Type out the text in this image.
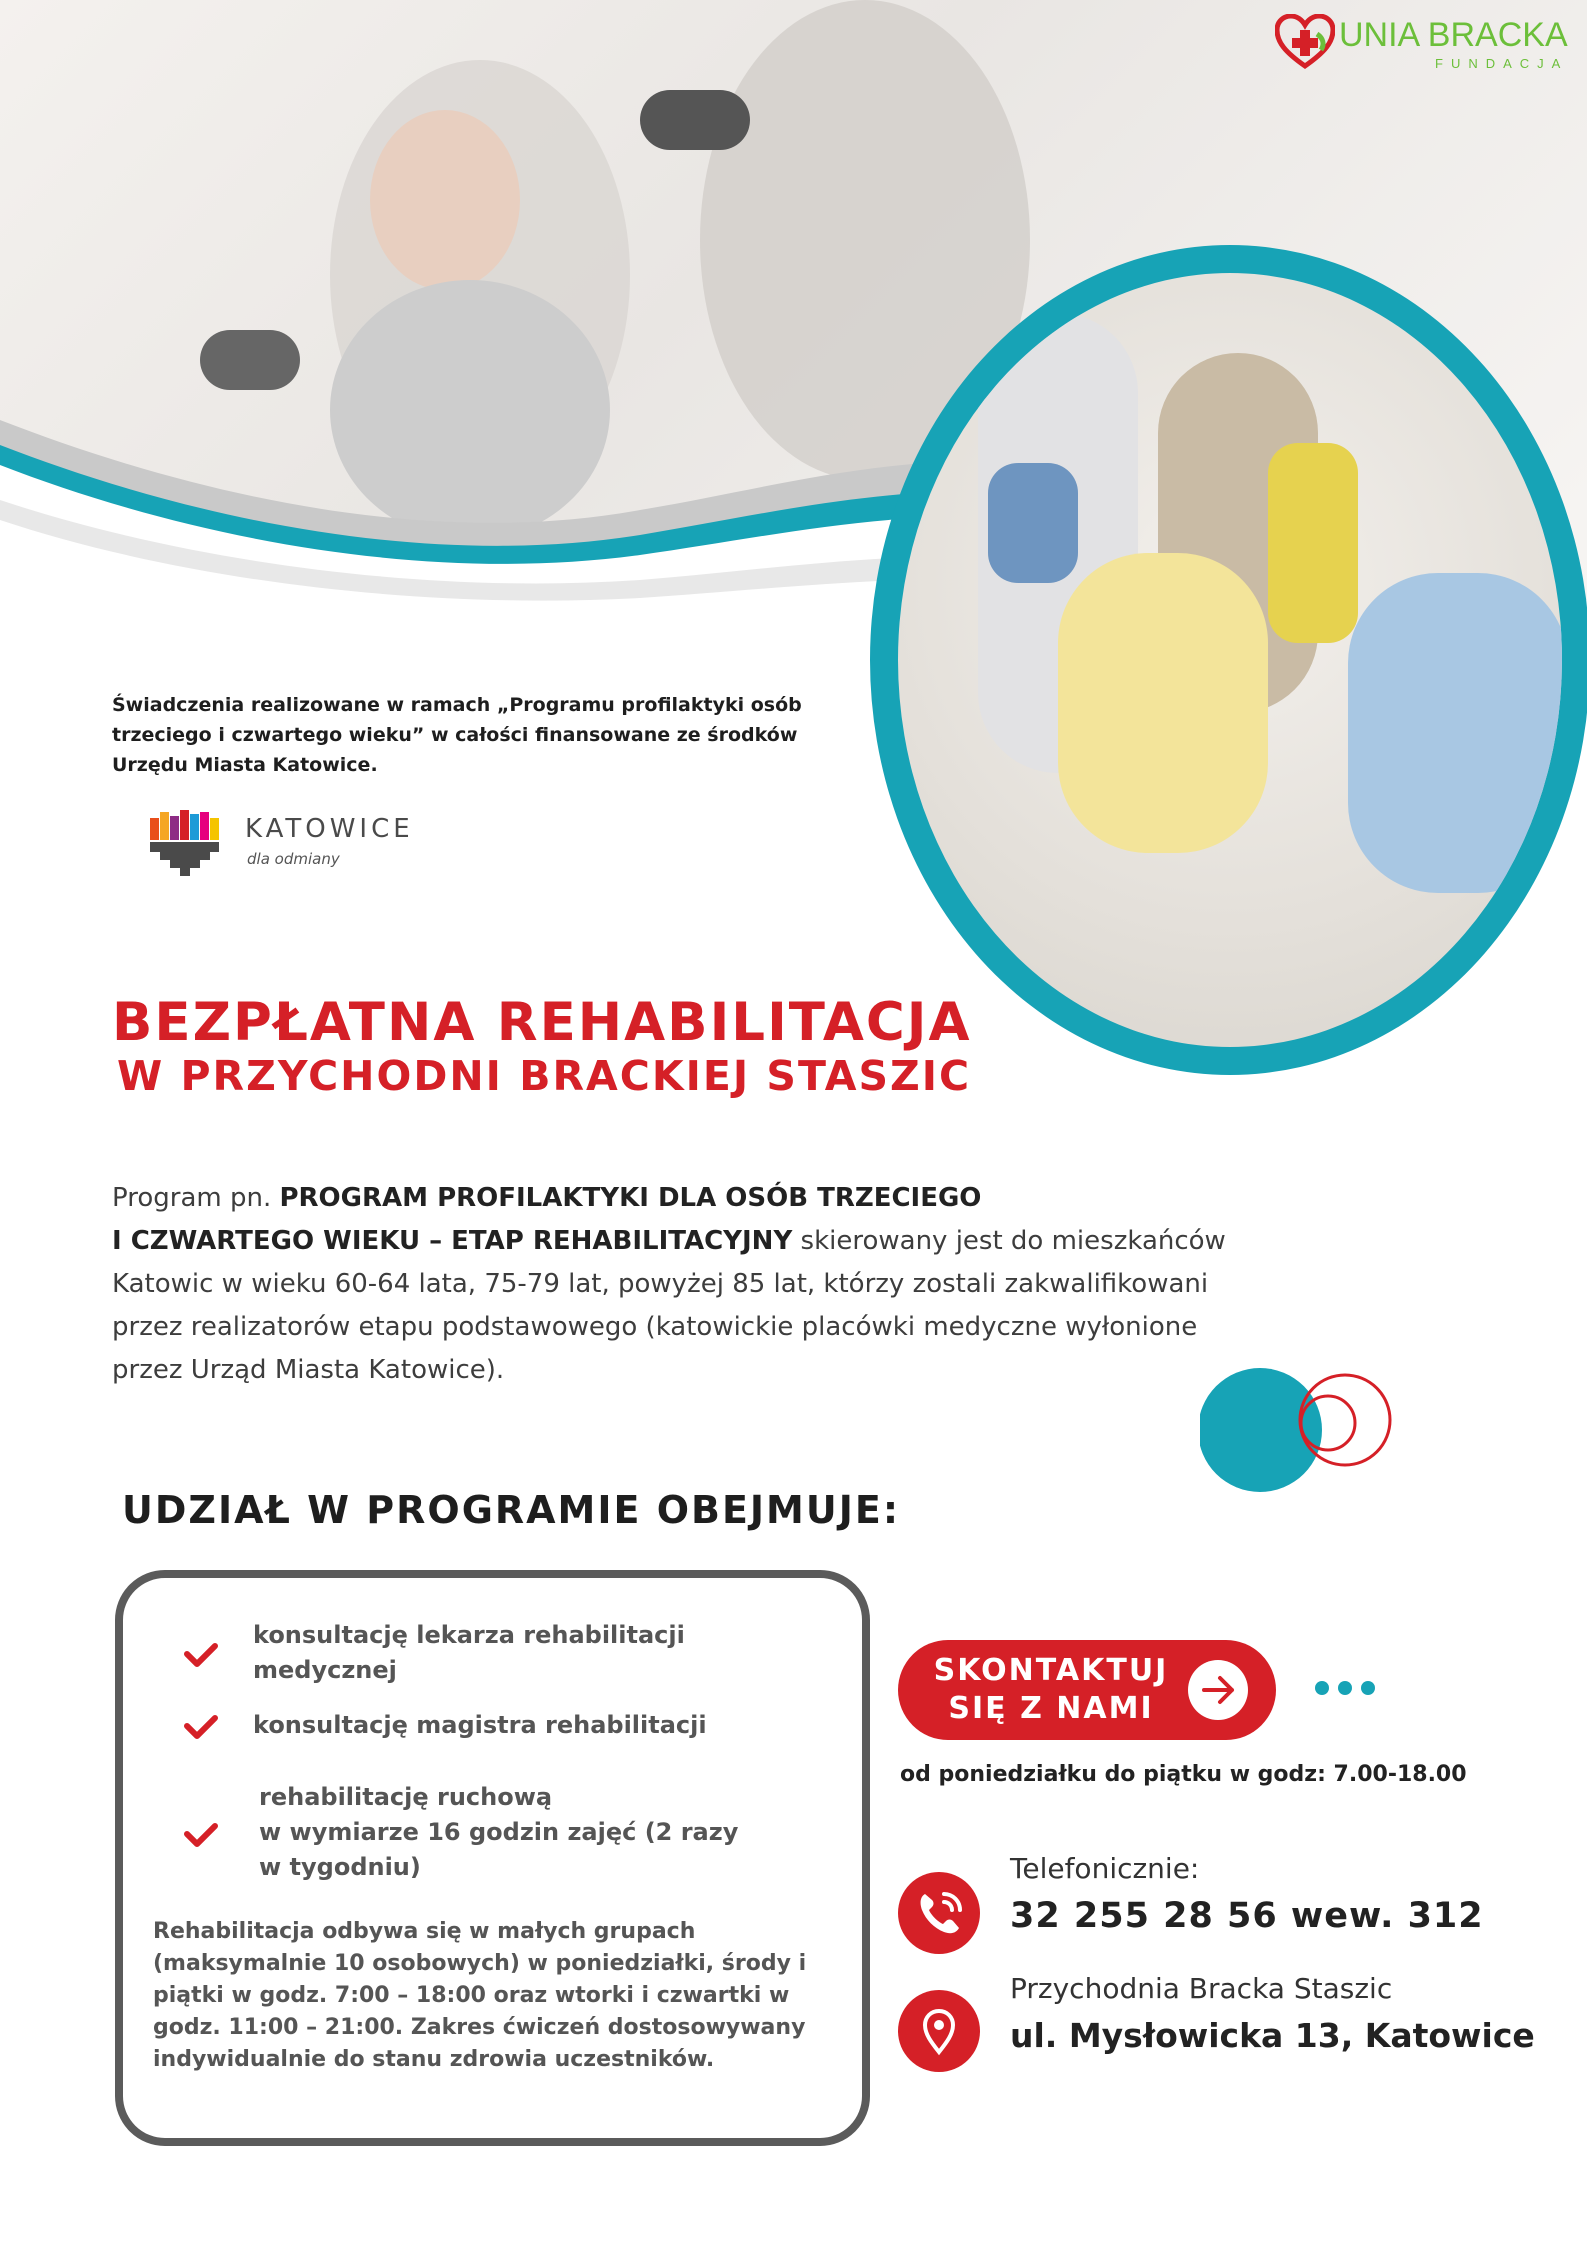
UNIA BRACKA
FUNDACJA
Świadczenia realizowane w ramach „Programu profilaktyki osób trzeciego i czwartego wieku” w całości finansowane ze środków Urzędu Miasta Katowice.
KATOWICE
dla odmiany
BEZPŁATNA REHABILITACJA
W PRZYCHODNI BRACKIEJ STASZIC
Program pn. PROGRAM PROFILAKTYKI DLA OSÓB TRZECIEGO
I CZWARTEGO WIEKU – ETAP REHABILITACYJNY skierowany jest do mieszkańców Katowic w wieku 60-64 lata, 75-79 lat, powyżej 85 lat, którzy zostali zakwalifikowani przez realizatorów etapu podstawowego (katowickie placówki medyczne wyłonione przez Urząd Miasta Katowice).
UDZIAŁ W PROGRAMIE OBEJMUJE:
konsultację lekarza rehabilitacji
medycznej
konsultację magistra rehabilitacji
rehabilitację ruchową
w wymiarze 16 godzin zajęć (2 razy
w tygodniu)
Rehabilitacja odbywa się w małych grupach (maksymalnie 10 osobowych) w poniedziałki, środy i piątki w godz. 7:00 – 18:00 oraz wtorki i czwartki w godz. 11:00 – 21:00. Zakres ćwiczeń dostosowywany indywidualnie do stanu zdrowia uczestników.
SKONTAKTUJ
SIĘ Z NAMI
od poniedziałku do piątku w godz: 7.00-18.00
Telefonicznie:
32 255 28 56 wew. 312
Przychodnia Bracka Staszic
ul. Mysłowicka 13, Katowice
